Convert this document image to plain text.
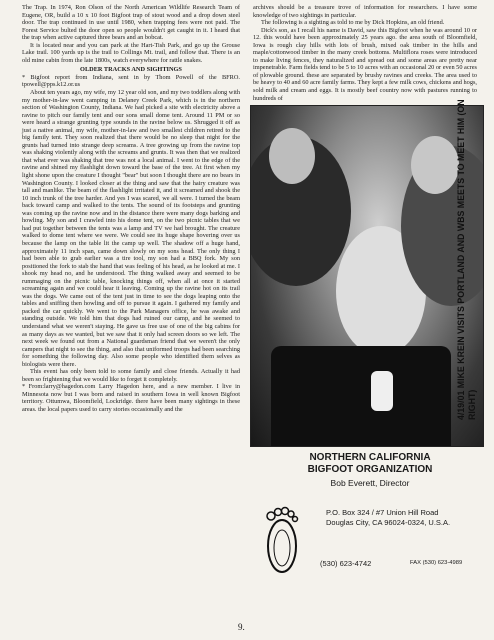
The Trap. In 1974, Ron Olson of the North American Wildlife Research Team of Eugene, OR, build a 10 x 10 foot Bigfoot trap of stout wood and a drop down steel door. The trap continued in use until 1980, when trapping fees were not paid. The Forest Service bulted the door open so people wouldn't get caught in it. I heard that the trap when active captured three bears and an bobcat.

It is located near and you can park at the Hart-Tish Park, and go up the Grouse Lake trail. 100 yards up is the trail to Collings Mt. trail, and follow that. There is an old mine cabin from the late 1800s, watch everywhere for rattle snakes.

OLDER TRACKS AND SIGHTINGS

* Bigfoot report from Indiana, sent in by Thom Powell of the BFRO. tpowell@pps.k12.or.us

About ten years ago, my wife, my 12 year old son, and my two toddlers along with my mother-in-law went camping in Delaney Creek Park, which is in the northern section of Washington County, Indiana. We had picked a site with electricity above a ravine to pitch our family tent and our sons small dome tent. Around 11 PM or so were heard a strange grunting type sounds in the ravine below us. Shrugged it off as just a native animal, my wife, mother-in-law and two smallest children retired to the big family tent. They soon realized that there would be no sleep that night for the grunts had turned into strange deep screams. A tree growing up from the ravine top was shaking violently along with the screams and grunts. It was then that we realized that what ever was shaking that tree was not a local animal. I went to the edge of the ravine and shined my flashlight down toward the base of the tree. At first when my light shone upon the creature I thought "bear" but soon I thought there are no bears in Washington County. I looked closer at the thing and saw that the hairy creature was tall and manlike. The beam of the flashlight irritated it, and it screamed and shook the 10 inch trunk of the tree harder. And yes I was scared, we all were. I turned the beam back toward camp and walked to the tents. The sound of its footsteps and grunting was coming up the ravine now and in the distance there were many dogs barking and howling. My son and I crawled into his dome tent, on the two picnic tables that we had put together between the tents was a lamp and TV we had brought. The creature walked to dome tent where we were. We could see its huge shape hovering over us because the lamp on the table lit the camp up well. The shadow off a huge hand, approximately 11 inch span, came down slowly on my sons head. The only thing I had been able to grab earlier was a tire tool, my son had a BBQ fork. My son positioned the fork to stab the hand that was feeling of his head, as he looked at me. I shook my head no, and he understood. The thing walked away and seemed to be rummaging on the picnic table, knocking things off, when all at once it started screaming again and we could hear it leaving. Coming up the ravine hot on its trail was the dogs. We came out of the tent just in time to see the dogs leaping onto the tables and sniffing then howling and off to pursue it again. I gathered my family and packed the car quickly. We went to the Park Managers office, he was awake and standing outside. We told him that dogs had ruined our camp, and he seemed to understand what we weren't staying. He gave us free use of one of the big cabins for as many days as we wanted, but we saw that it only had screen doors so we left. The next week we found out from a National guardsman friend that we weren't the only campers that night to see the thing, and also that uniformed troops had been searching for something the following day. Also some people who identified them selves as biologists were there.

This event has only been told to some family and close friends. Actually it had been so frightening that we would like to forget it completely.

* From:larry@hagedon.com Larry Hagedon here, and a new member. I live in Minnesota now but I was born and raised in southern Iowa in well known Bigfoot territory. Ottumwa, Bloomfield, Lockridge. there have been many sightings in these areas. the local papers used to carry stories occasionally and the

archives should be a treasure trove of information for researchers. I have some knowledge of two sightings in particular.

The following is a sighting as told to me by Dick Hopkins, an old friend.

Dick's son, as I recall his name is David, saw this Bigfoot when he was around 10 or 12. this would have been approximately 25 years ago. the area south of Bloomfield, Iowa is rough clay hills with lots of brush, mixed oak timber in the hills and maple/cottonwood timber in the many creek bottoms. Multiflora roses were introduced to make living fences, they naturalized and spread out and some areas are pretty near impenetrable. Farm fields tend to be 5 to 10 acres with an occasional 20 or even 50 acres of plowable ground. these are separated by brushy ravines and creeks. The area used to be heavy to 40 and 60 acre family farms. They kept a few milk cows, chickens and hogs, sold milk and cream and eggs. It is mostly beef country now with pastures running to hundreds of

4/19/01 MIKE KREIN VISITS PORTLAND AND WBS MEETS TO MEET HIM (ON RIGHT)
NORTHERN CALIFORNIA
BIGFOOT ORGANIZATION
Bob Everett, Director
P.O. Box 324 / #7 Union Hill Road
Douglas City, CA 96024-0324, U.S.A.
(530) 623-4742	FAX (530) 623-4989
9.
